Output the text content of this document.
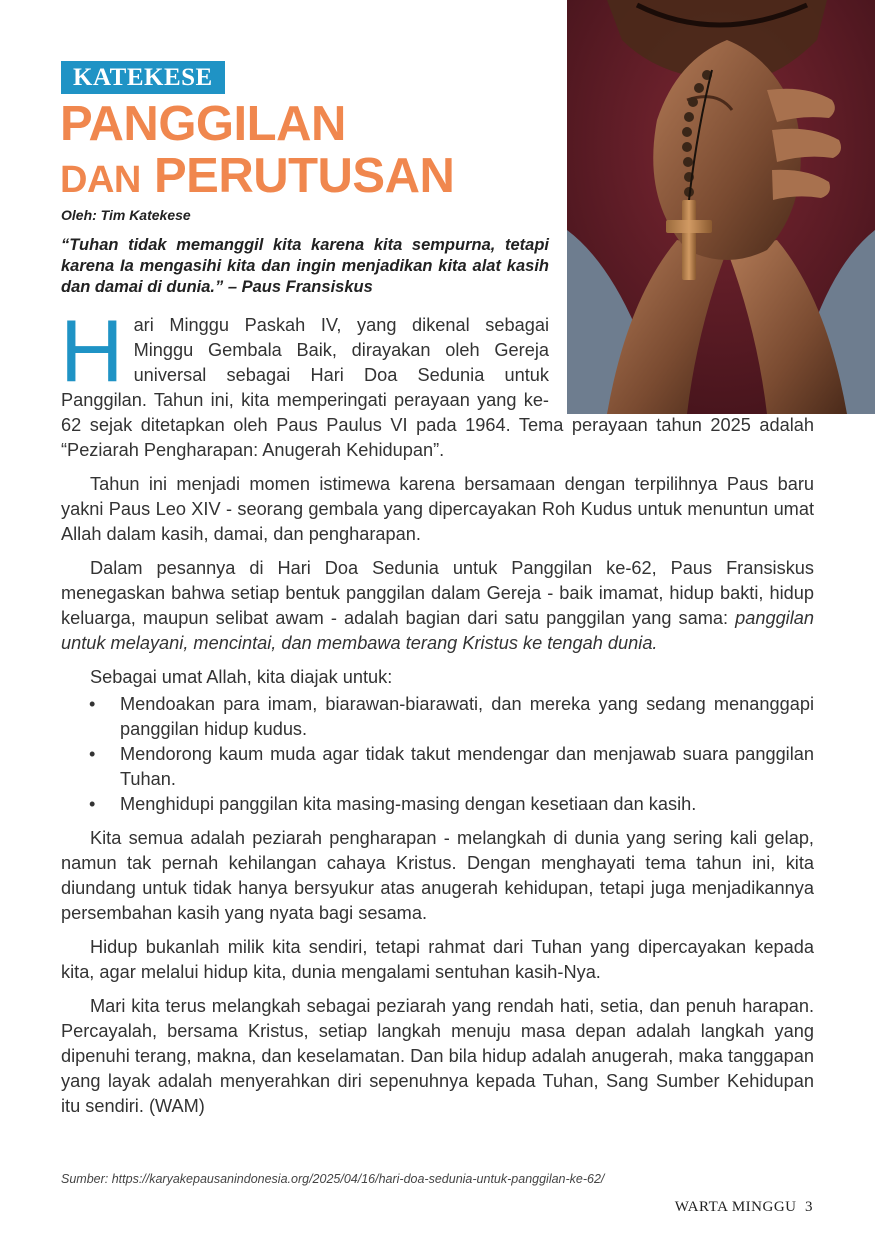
KATEKESE
PANGGILAN
DAN PERUTUSAN
Oleh: Tim Katekese
“Tuhan tidak memanggil kita karena kita sempurna, tetapi karena Ia mengasihi kita dan ingin menjadikan kita alat kasih dan damai di dunia.” – Paus Fransiskus

Hari Minggu Paskah IV, yang dikenal sebagai Minggu Gembala Baik, dirayakan oleh Gereja universal sebagai Hari Doa Sedunia untuk Panggilan. Tahun ini, kita memperingati perayaan yang ke-62 sejak ditetapkan oleh Paus Paulus VI pada 1964. Tema perayaan tahun 2025 adalah “Peziarah Pengharapan: Anugerah Kehidupan”.

Tahun ini menjadi momen istimewa karena bersamaan dengan terpilihnya Paus baru yakni Paus Leo XIV - seorang gembala yang dipercayakan Roh Kudus untuk menuntun umat Allah dalam kasih, damai, dan pengharapan.

Dalam pesannya di Hari Doa Sedunia untuk Panggilan ke-62, Paus Fransiskus menegaskan bahwa setiap bentuk panggilan dalam Gereja - baik imamat, hidup bakti, hidup keluarga, maupun selibat awam - adalah bagian dari satu panggilan yang sama: panggilan untuk melayani, mencintai, dan membawa terang Kristus ke tengah dunia.

Sebagai umat Allah, kita diajak untuk:

• Mendoakan para imam, biarawan-biarawati, dan mereka yang sedang menanggapi panggilan hidup kudus.
• Mendorong kaum muda agar tidak takut mendengar dan menjawab suara panggilan Tuhan.
• Menghidupi panggilan kita masing-masing dengan kesetiaan dan kasih.

Kita semua adalah peziarah pengharapan - melangkah di dunia yang sering kali gelap, namun tak pernah kehilangan cahaya Kristus. Dengan menghayati tema tahun ini, kita diundang untuk tidak hanya bersyukur atas anugerah kehidupan, tetapi juga menjadikannya persembahan kasih yang nyata bagi sesama.

Hidup bukanlah milik kita sendiri, tetapi rahmat dari Tuhan yang dipercayakan kepada kita, agar melalui hidup kita, dunia mengalami sentuhan kasih-Nya.

Mari kita terus melangkah sebagai peziarah yang rendah hati, setia, dan penuh harapan. Percayalah, bersama Kristus, setiap langkah menuju masa depan adalah langkah yang dipenuhi terang, makna, dan keselamatan. Dan bila hidup adalah anugerah, maka tanggapan yang layak adalah menyerahkan diri sepenuhnya kepada Tuhan, Sang Sumber Kehidupan itu sendiri. (WAM)

Sumber: https://karyakepausanindonesia.org/2025/04/16/hari-doa-sedunia-untuk-panggilan-ke-62/
WARTA MINGGU 3
